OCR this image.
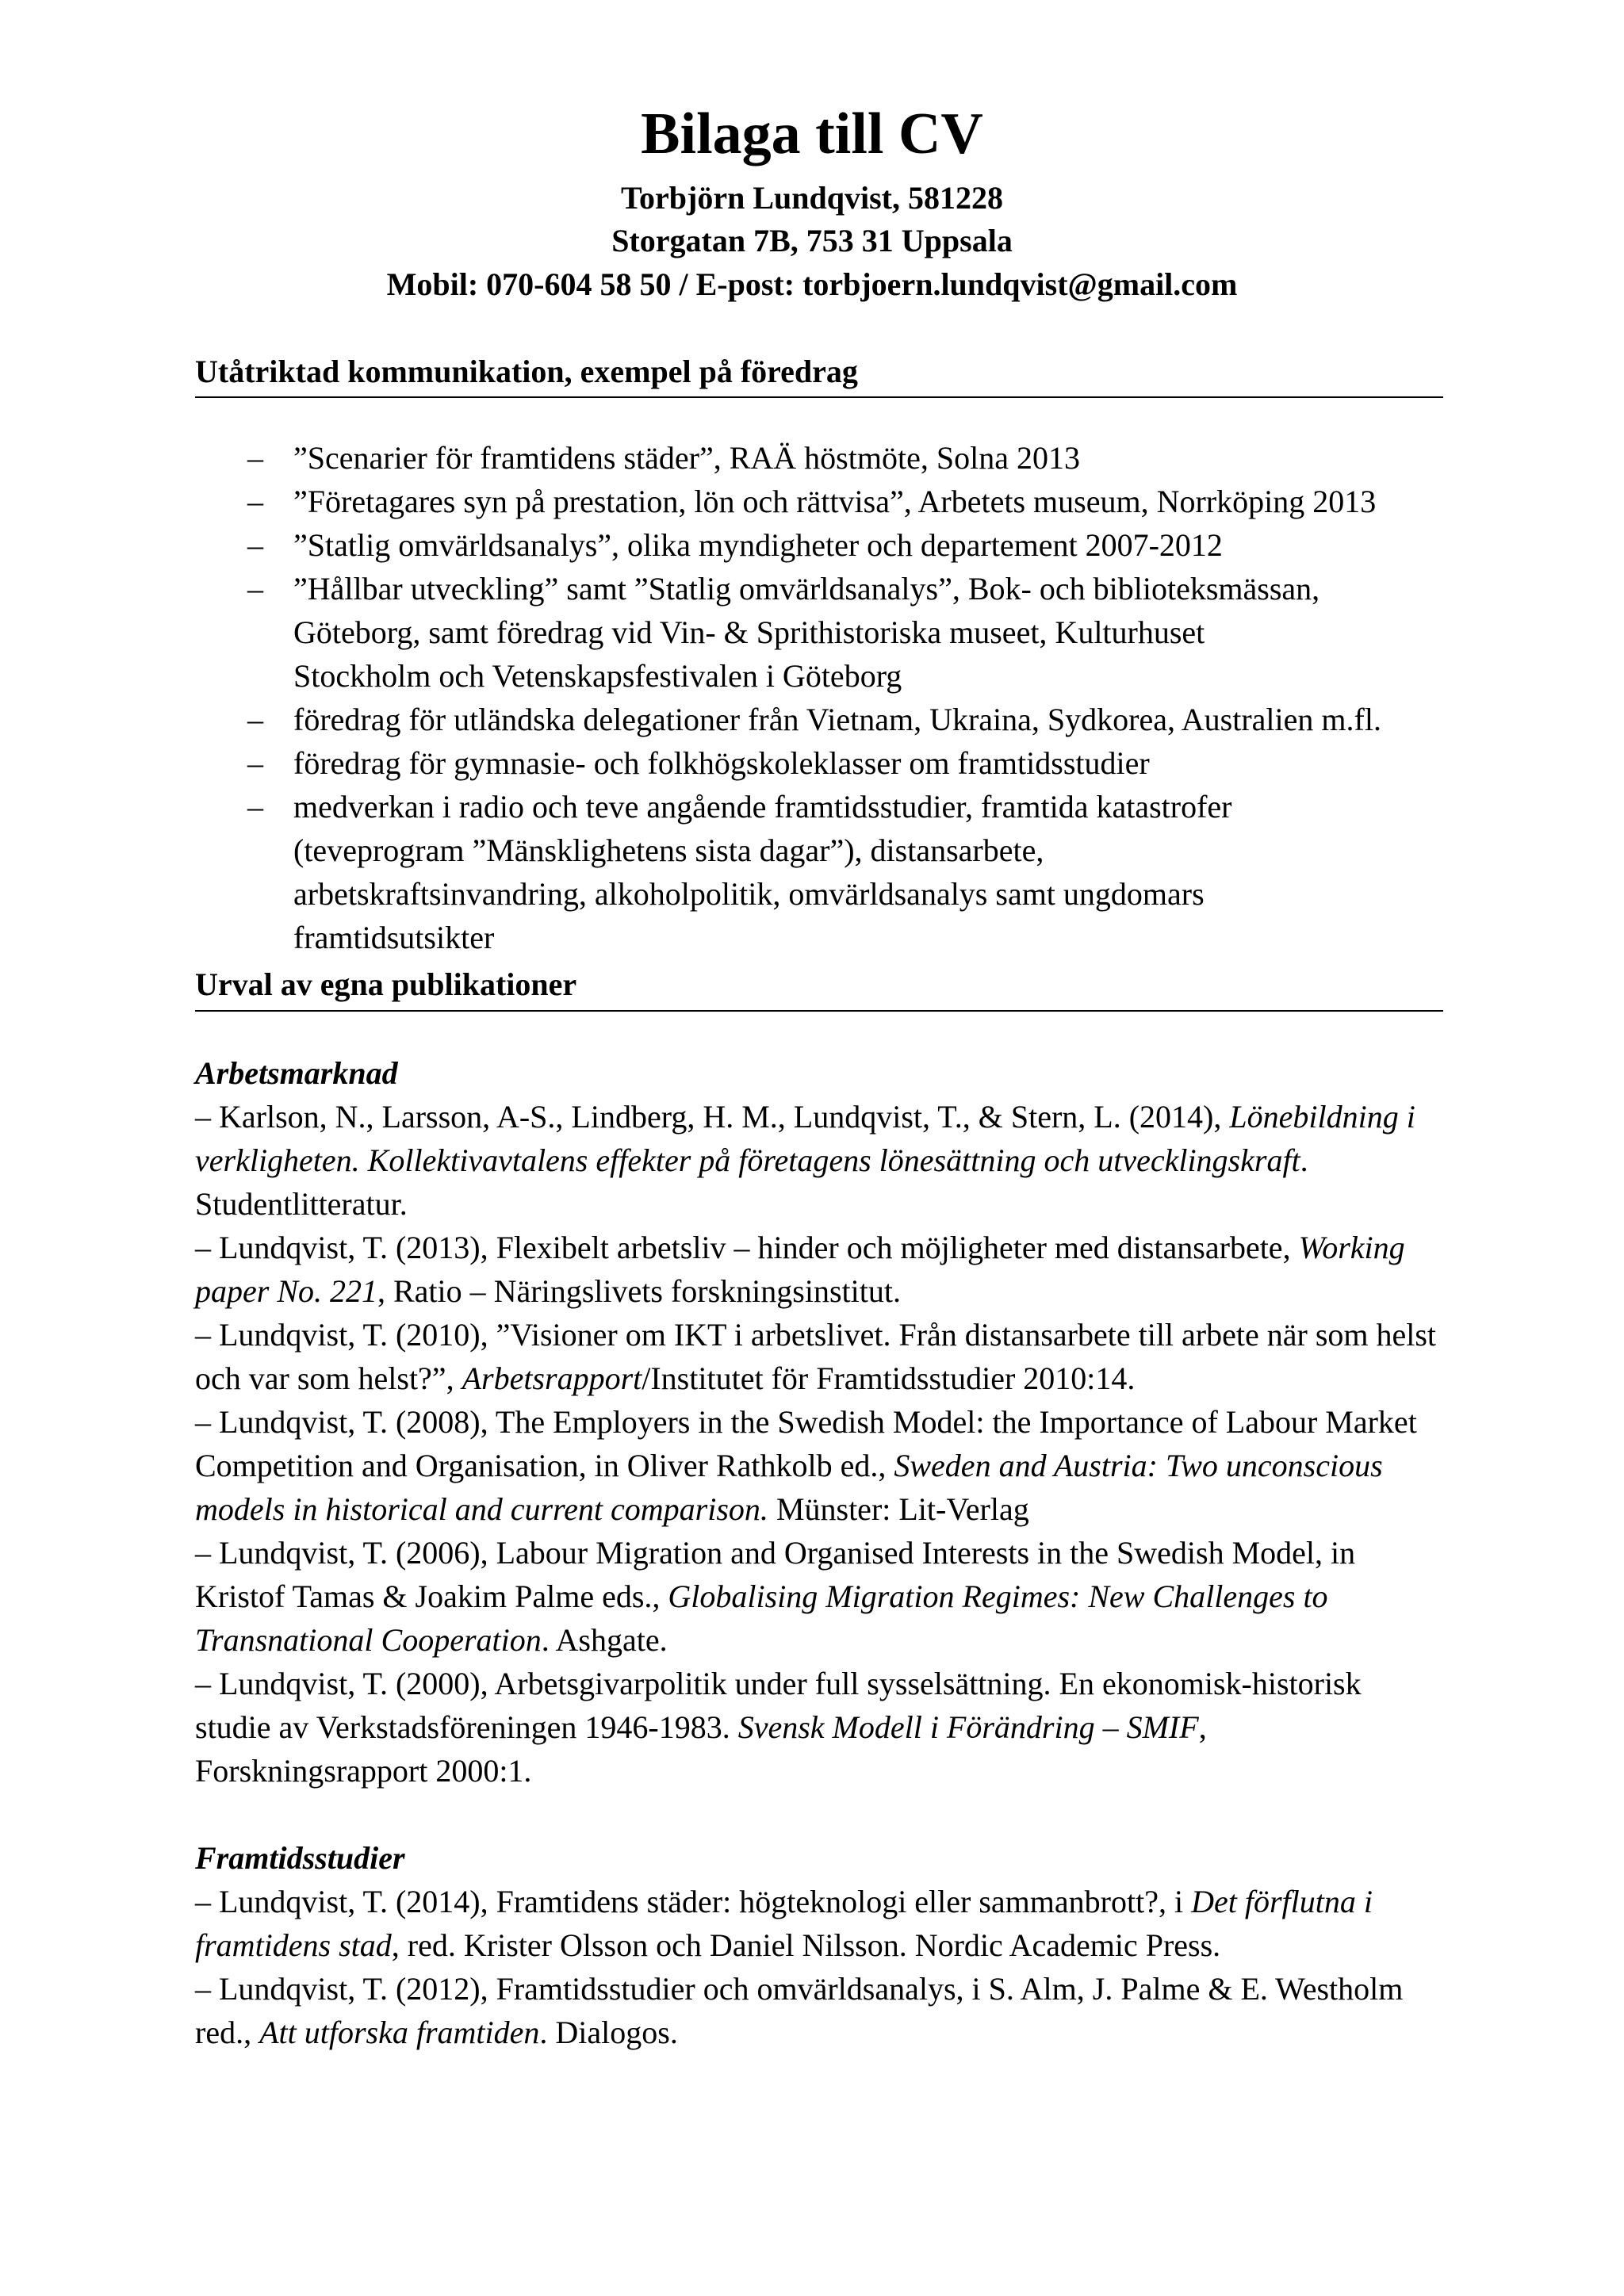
Bilaga till CV
Torbjörn Lundqvist, 581228
Storgatan 7B, 753 31 Uppsala
Mobil: 070-604 58 50 / E-post: torbjoern.lundqvist@gmail.com
Utåtriktad kommunikation, exempel på föredrag
– ”Scenarier för framtidens städer”, RAÄ höstmöte, Solna 2013
– ”Företagares syn på prestation, lön och rättvisa”, Arbetets museum, Norrköping 2013
– ”Statlig omvärldsanalys”, olika myndigheter och departement 2007-2012
– ”Hållbar utveckling” samt ”Statlig omvärldsanalys”, Bok- och biblioteksmässan, Göteborg, samt föredrag vid Vin- & Sprithistoriska museet, Kulturhuset Stockholm och Vetenskapsfestivalen i Göteborg
– föredrag för utländska delegationer från Vietnam, Ukraina, Sydkorea, Australien m.fl.
– föredrag för gymnasie- och folkhögskoleklasser om framtidsstudier
– medverkan i radio och teve angående framtidsstudier, framtida katastrofer (teveprogram ”Mänsklighetens sista dagar”), distansarbete, arbetskraftsinvandring, alkoholpolitik, omvärldsanalys samt ungdomars framtidsutsikter
Urval av egna publikationer
Arbetsmarknad
– Karlson, N., Larsson, A-S., Lindberg, H. M., Lundqvist, T., & Stern, L. (2014), Lönebildning i verkligheten. Kollektivavtalens effekter på företagens lönesättning och utvecklingskraft. Studentlitteratur.
– Lundqvist, T. (2013), Flexibelt arbetsliv – hinder och möjligheter med distansarbete, Working paper No. 221, Ratio – Näringslivets forskningsinstitut.
– Lundqvist, T. (2010), ”Visioner om IKT i arbetslivet. Från distansarbete till arbete när som helst och var som helst?”, Arbetsrapport/Institutet för Framtidsstudier 2010:14.
– Lundqvist, T. (2008), The Employers in the Swedish Model: the Importance of Labour Market Competition and Organisation, in Oliver Rathkolb ed., Sweden and Austria: Two unconscious models in historical and current comparison. Münster: Lit-Verlag
– Lundqvist, T. (2006), Labour Migration and Organised Interests in the Swedish Model, in Kristof Tamas & Joakim Palme eds., Globalising Migration Regimes: New Challenges to Transnational Cooperation. Ashgate.
– Lundqvist, T. (2000), Arbetsgivarpolitik under full sysselsättning. En ekonomisk-historisk studie av Verkstadsföreningen 1946-1983. Svensk Modell i Förändring – SMIF, Forskningsrapport 2000:1.
Framtidsstudier
– Lundqvist, T. (2014), Framtidens städer: högteknologi eller sammanbrott?, i Det förflutna i framtidens stad, red. Krister Olsson och Daniel Nilsson. Nordic Academic Press.
– Lundqvist, T. (2012), Framtidsstudier och omvärldsanalys, i S. Alm, J. Palme & E. Westholm red., Att utforska framtiden. Dialogos.
